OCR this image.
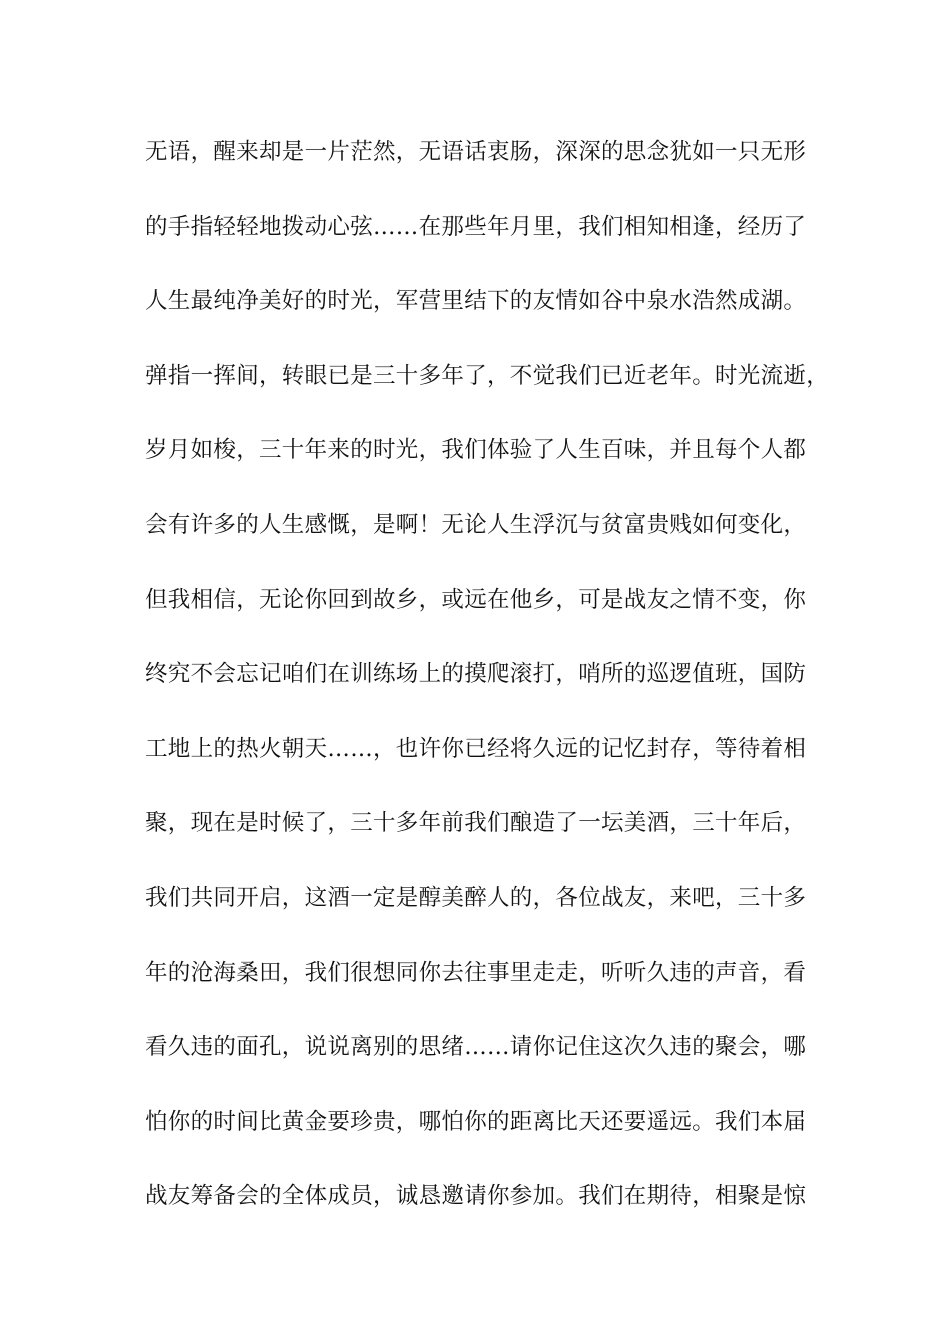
无语，醒来却是一片茫然，无语话衷肠，深深的思念犹如一只无形
的手指轻轻地拨动心弦……在那些年月里，我们相知相逢，经历了
人生最纯净美好的时光，军营里结下的友情如谷中泉水浩然成湖。
弹指一挥间，转眼已是三十多年了，不觉我们已近老年。时光流逝，
岁月如梭，三十年来的时光，我们体验了人生百味，并且每个人都
会有许多的人生感慨，是啊！无论人生浮沉与贫富贵贱如何变化，
但我相信，无论你回到故乡，或远在他乡，可是战友之情不变，你
终究不会忘记咱们在训练场上的摸爬滚打，哨所的巡逻值班，国防
工地上的热火朝天……，也许你已经将久远的记忆封存，等待着相
聚，现在是时候了，三十多年前我们酿造了一坛美酒，三十年后，
我们共同开启，这酒一定是醇美醉人的，各位战友，来吧，三十多
年的沧海桑田，我们很想同你去往事里走走，听听久违的声音，看
看久违的面孔，说说离别的思绪……请你记住这次久违的聚会，哪
怕你的时间比黄金要珍贵，哪怕你的距离比天还要遥远。我们本届
战友筹备会的全体成员，诚恳邀请你参加。我们在期待，相聚是惊
